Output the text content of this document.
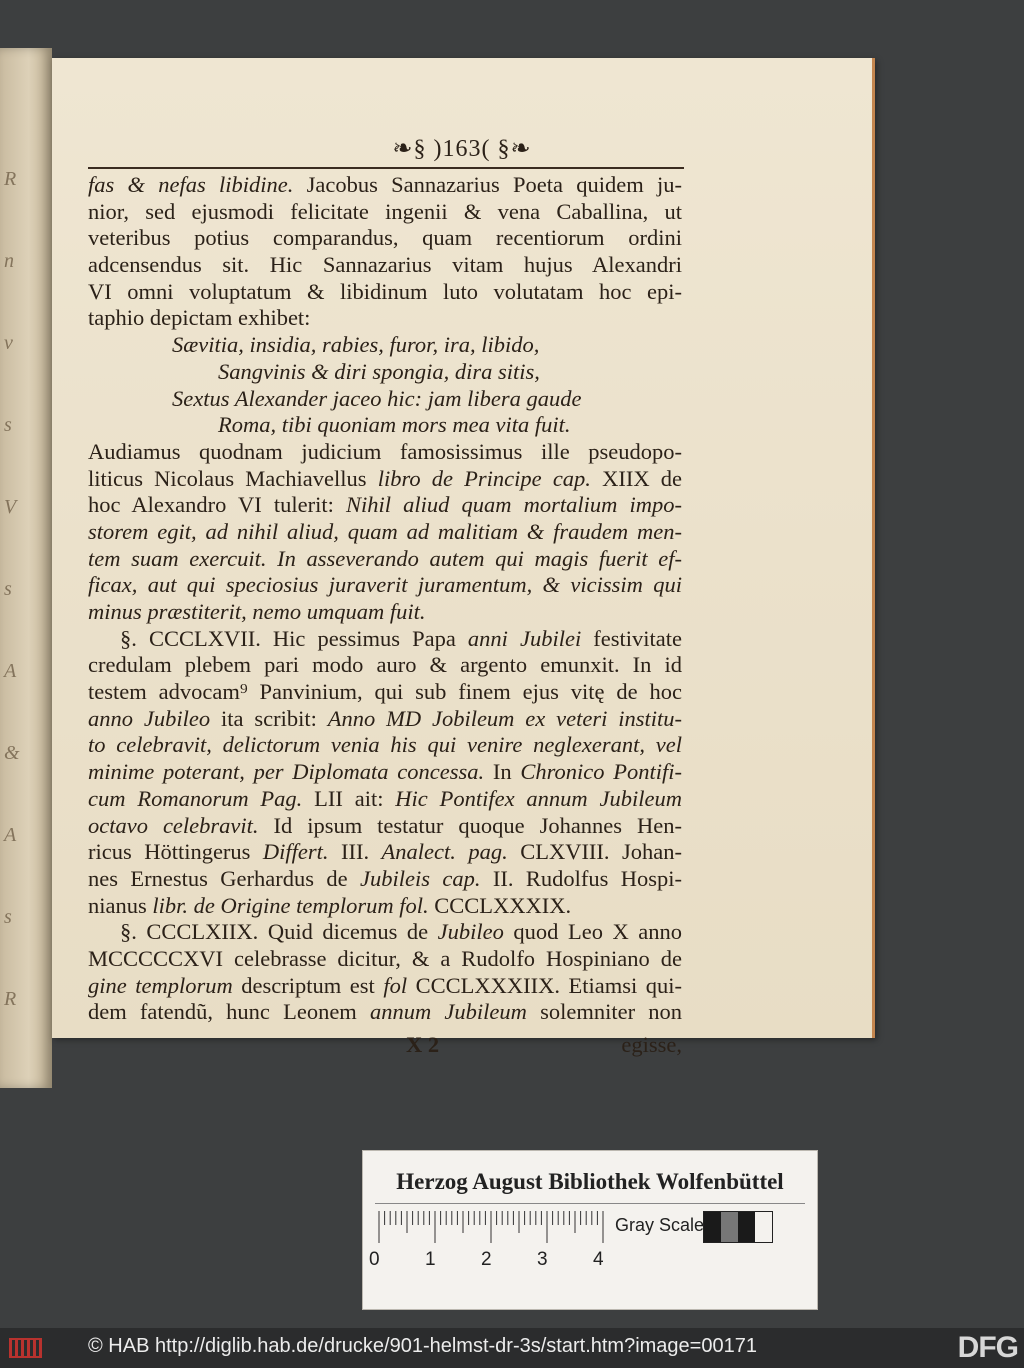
R
n
v
s
V
s
A
&
A
s
R
❧§ )163( §❧
fas & nefas libidine. Jacobus Sannazarius Poeta quidem ju-
nior, sed ejusmodi felicitate ingenii & vena Caballina, ut
veteribus potius comparandus, quam recentiorum ordini
adcensendus sit. Hic Sannazarius vitam hujus Alexandri
VI omni voluptatum & libidinum luto volutatam hoc epi-
taphio depictam exhibet:
Sævitia, insidia, rabies, furor, ira, libido,
Sangvinis & diri spongia, dira sitis,
Sextus Alexander jaceo hic: jam libera gaude
Roma, tibi quoniam mors mea vita fuit.
Audiamus quodnam judicium famosissimus ille pseudopo-
liticus Nicolaus Machiavellus libro de Principe cap. XIIX de
hoc Alexandro VI tulerit: Nihil aliud quam mortalium impo-
storem egit, ad nihil aliud, quam ad malitiam & fraudem men-
tem suam exercuit. In asseverando autem qui magis fuerit ef-
ficax, aut qui speciosius juraverit juramentum, & vicissim qui
minus præstiterit, nemo umquam fuit.
§. CCCLXVII. Hic pessimus Papa anni Jubilei festivitate
credulam plebem pari modo auro & argento emunxit. In id
testem advocam⁹ Panvinium, qui sub finem ejus vitę de hoc
anno Jubileo ita scribit: Anno MD Jobileum ex veteri institu-
to celebravit, delictorum venia his qui venire neglexerant, vel
minime poterant, per Diplomata concessa. In Chronico Pontifi-
cum Romanorum Pag. LII ait: Hic Pontifex annum Jubileum
octavo celebravit. Id ipsum testatur quoque Johannes Hen-
ricus Höttingerus Differt. III. Analect. pag. CLXVIII. Johan-
nes Ernestus Gerhardus de Jubileis cap. II. Rudolfus Hospi-
nianus libr. de Origine templorum fol. CCCLXXXIX.
§. CCCLXIIX. Quid dicemus de Jubileo quod Leo X anno
MCCCCCXVI celebrasse dicitur, & a Rudolfo Hospiniano de
gine templorum descriptum est fol CCCLXXXIIX. Etiamsi qui-
dem fatendũ, hunc Leonem annum Jubileum solemniter non
X 2	egisse,
Herzog August Bibliothek Wolfenbüttel
0 1 2 3 4
Gray Scale
© HAB http://diglib.hab.de/drucke/901-helmst-dr-3s/start.htm?image=00171	DFG
